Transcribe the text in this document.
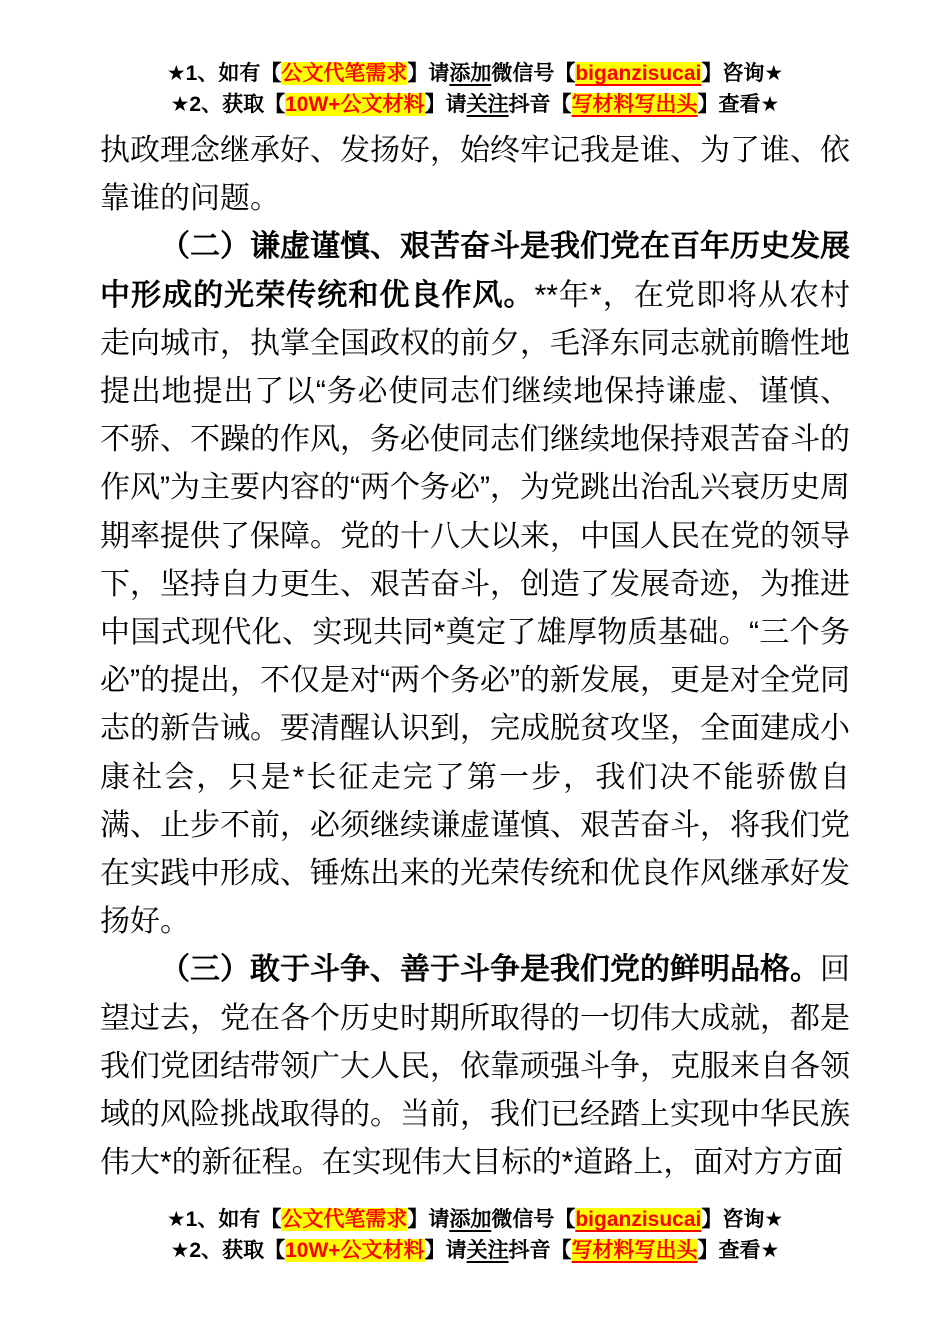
★1、如有【公文代笔需求】请添加微信号【biganzisucai】咨询★
★2、获取【10W+公文材料】请关注抖音【写材料写出头】查看★

执政理念继承好、发扬好，始终牢记我是谁、为了谁、依靠谁的问题。

（二）谦虚谨慎、艰苦奋斗是我们党在百年历史发展中形成的光荣传统和优良作风。**年*，在党即将从农村走向城市，执掌全国政权的前夕，毛泽东同志就前瞻性地提出地提出了以“务必使同志们继续地保持谦虚、谨慎、不骄、不躁的作风，务必使同志们继续地保持艰苦奋斗的作风”为主要内容的“两个务必”，为党跳出治乱兴衰历史周期率提供了保障。党的十八大以来，中国人民在党的领导下，坚持自力更生、艰苦奋斗，创造了发展奇迹，为推进中国式现代化、实现共同*奠定了雄厚物质基础。“三个务必”的提出，不仅是对“两个务必”的新发展，更是对全党同志的新告诫。要清醒认识到，完成脱贫攻坚，全面建成小康社会，只是*长征走完了第一步，我们决不能骄傲自满、止步不前，必须继续谦虚谨慎、艰苦奋斗，将我们党在实践中形成、锤炼出来的光荣传统和优良作风继承好发扬好。

（三）敢于斗争、善于斗争是我们党的鲜明品格。回望过去，党在各个历史时期所取得的一切伟大成就，都是我们党团结带领广大人民，依靠顽强斗争，克服来自各领域的风险挑战取得的。当前，我们已经踏上实现中华民族伟大*的新征程。在实现伟大目标的*道路上，面对方方面

★1、如有【公文代笔需求】请添加微信号【biganzisucai】咨询★
★2、获取【10W+公文材料】请关注抖音【写材料写出头】查看★
